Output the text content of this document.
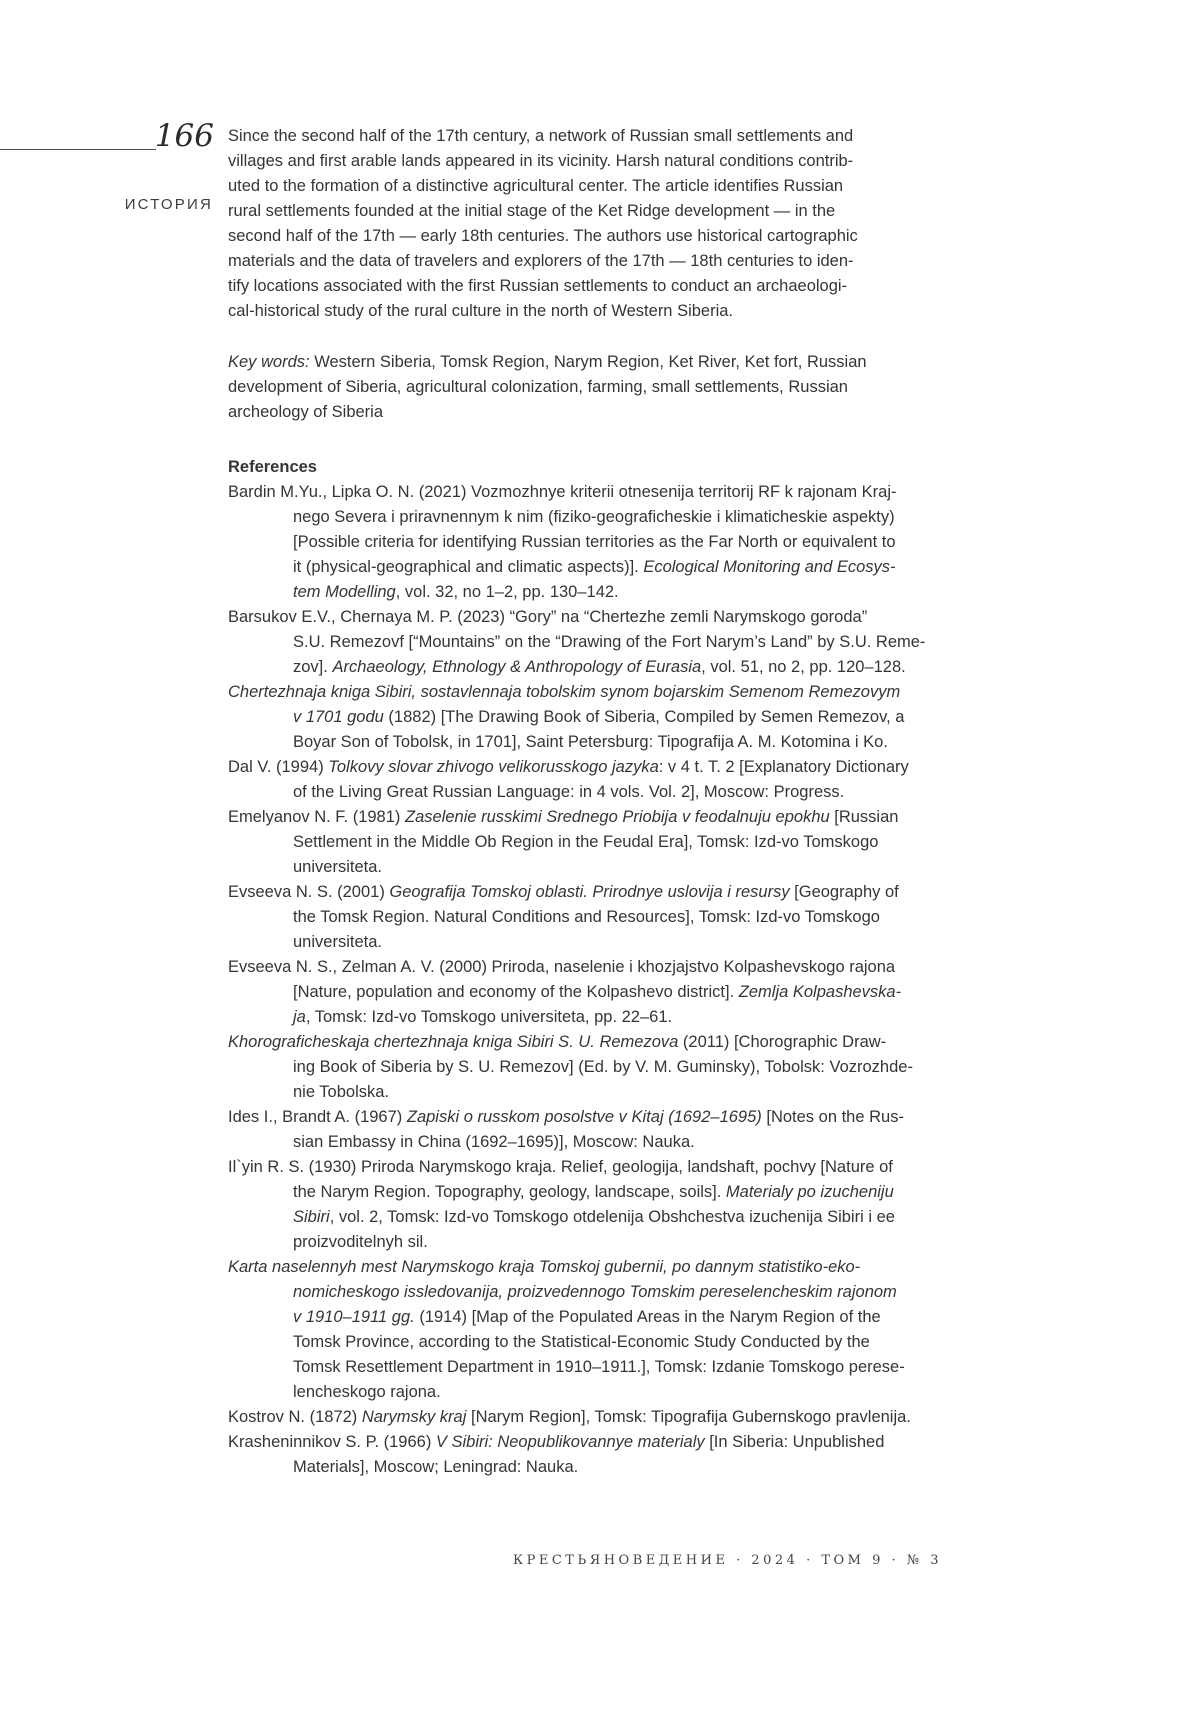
166
ИСТОРИЯ
Since the second half of the 17th century, a network of Russian small settlements and
villages and first arable lands appeared in its vicinity. Harsh natural conditions contrib-
uted to the formation of a distinctive agricultural center. The article identifies Russian
rural settlements founded at the initial stage of the Ket Ridge development — in the
second half of the 17th — early 18th centuries. The authors use historical cartographic
materials and the data of travelers and explorers of the 17th — 18th centuries to iden-
tify locations associated with the first Russian settlements to conduct an archaeologi-
cal-historical study of the rural culture in the north of Western Siberia.
Key words: Western Siberia, Tomsk Region, Narym Region, Ket River, Ket fort, Russian
development of Siberia, agricultural colonization, farming, small settlements, Russian
archeology of Siberia
References
Bardin M.Yu., Lipka O. N. (2021) Vozmozhnye kriterii otnesenija territorij RF k rajonam Kraj-
nego Severa i priravnennym k nim (fiziko-geograficheskie i klimaticheskie aspekty)
[Possible criteria for identifying Russian territories as the Far North or equivalent to
it (physical-geographical and climatic aspects)]. Ecological Monitoring and Ecosys-
tem Modelling, vol. 32, no 1–2, pp. 130–142.
Barsukov E.V., Chernaya M. P. (2023) “Gory” na “Chertezhe zemli Narymskogo goroda”
S.U. Remezovf [“Mountains” on the “Drawing of the Fort Narym’s Land” by S.U. Reme-
zov]. Archaeology, Ethnology & Anthropology of Eurasia, vol. 51, no 2, pp. 120–128.
Chertezhnaja kniga Sibiri, sostavlennaja tobolskim synom bojarskim Semenom Remezovym
v 1701 godu (1882) [The Drawing Book of Siberia, Compiled by Semen Remezov, a
Boyar Son of Tobolsk, in 1701], Saint Petersburg: Tipografija A. M. Kotomina i Ko.
Dal V. (1994) Tolkovy slovar zhivogo velikorusskogo jazyka: v 4 t. T. 2 [Explanatory Dictionary
of the Living Great Russian Language: in 4 vols. Vol. 2], Moscow: Progress.
Emelyanov N. F. (1981) Zaselenie russkimi Srednego Priobija v feodalnuju epokhu [Russian
Settlement in the Middle Ob Region in the Feudal Era], Tomsk: Izd-vo Tomskogo
universiteta.
Evseeva N. S. (2001) Geografija Tomskoj oblasti. Prirodnye uslovija i resursy [Geography of
the Tomsk Region. Natural Conditions and Resources], Tomsk: Izd-vo Tomskogo
universiteta.
Evseeva N. S., Zelman A. V. (2000) Priroda, naselenie i khozjajstvo Kolpashevskogo rajona
[Nature, population and economy of the Kolpashevo district]. Zemlja Kolpashevska-
ja, Tomsk: Izd-vo Tomskogo universiteta, pp. 22–61.
Khorograficheskaja chertezhnaja kniga Sibiri S. U. Remezova (2011) [Chorographic Draw-
ing Book of Siberia by S. U. Remezov] (Ed. by V. M. Guminsky), Tobolsk: Vozrozhde-
nie Tobolska.
Ides I., Brandt A. (1967) Zapiski o russkom posolstve v Kitaj (1692–1695) [Notes on the Rus-
sian Embassy in China (1692–1695)], Moscow: Nauka.
Il`yin R. S. (1930) Priroda Narymskogo kraja. Relief, geologija, landshaft, pochvy [Nature of
the Narym Region. Topography, geology, landscape, soils]. Materialy po izucheniju
Sibiri, vol. 2, Tomsk: Izd-vo Tomskogo otdelenija Obshchestva izuchenija Sibiri i ee
proizvoditelnyh sil.
Karta naselennyh mest Narymskogo kraja Tomskoj gubernii, po dannym statistiko-eko-
nomicheskogo issledovanija, proizvedennogo Tomskim pereselencheskim rajonom
v 1910–1911 gg. (1914) [Map of the Populated Areas in the Narym Region of the
Tomsk Province, according to the Statistical-Economic Study Conducted by the
Tomsk Resettlement Department in 1910–1911.], Tomsk: Izdanie Tomskogo perese-
lencheskogo rajona.
Kostrov N. (1872) Narymsky kraj [Narym Region], Tomsk: Tipografija Gubernskogo pravlenija.
Krasheninnikov S. P. (1966) V Sibiri: Neopublikovannye materialy [In Siberia: Unpublished
Materials], Moscow; Leningrad: Nauka.
КРЕСТЬЯНОВЕДЕНИЕ · 2024 · ТОМ 9 · № 3
